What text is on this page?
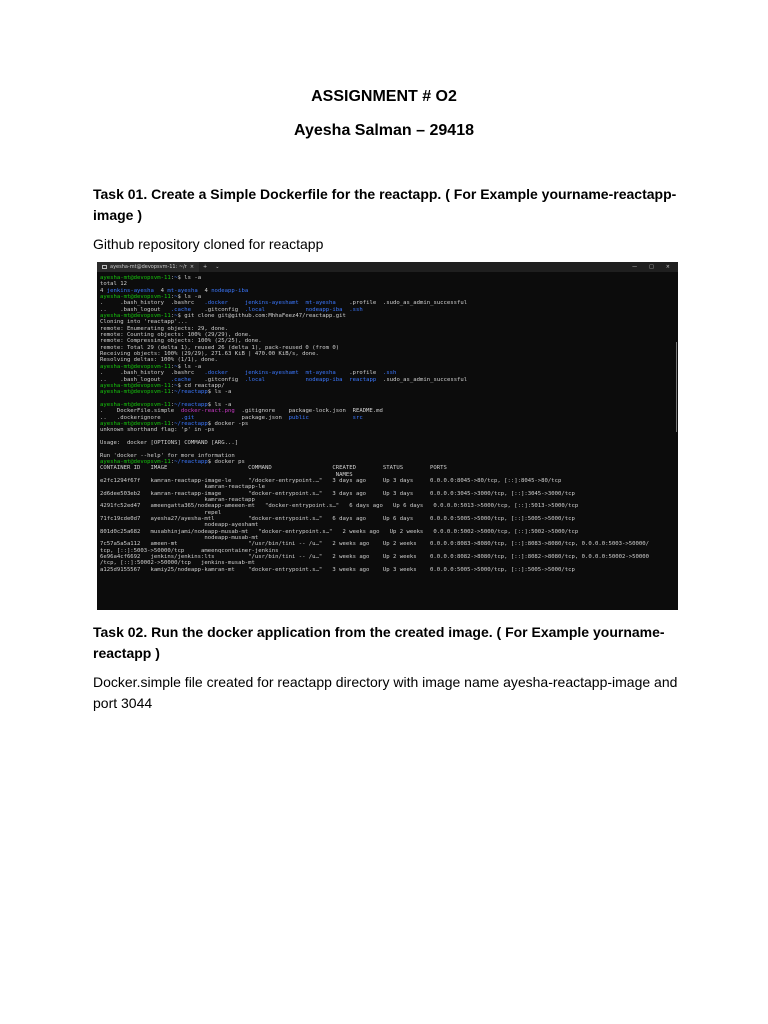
ASSIGNMENT # O2
Ayesha Salman – 29418
Task 01. Create a Simple Dockerfile for the reactapp. ( For Example yourname-reactapp-image )
Github repository cloned for reactapp
ayesha-mt@devopsvm-11: ~/r ×	+	⌄	— □ ×
ayesha-mt@devopsvm-11:~$ ls -a
total 12
4 jenkins-ayesha  4 mt-ayesha  4 nodeapp-iba
ayesha-mt@devopsvm-11:~$ ls -a
.     .bash_history  .bashrc   .docker	jenkins-ayeshamt mt-ayesha    .profile  .sudo_as_admin_successful
..    .bash_logout   .cache    .gitconfig  .local	nodeapp-iba .ssh
ayesha-mt@devopsvm-11:~$ git clone git@github.com:MhhaFeez47/reactapp.git
Cloning into 'reactapp'...
remote: Enumerating objects: 29, done.
remote: Counting objects: 100% (29/29), done.
remote: Compressing objects: 100% (25/25), done.
remote: Total 29 (delta 1), reused 26 (delta 1), pack-reused 0 (from 0)
Receiving objects: 100% (29/29), 271.63 KiB | 470.00 KiB/s, done.
Resolving deltas: 100% (1/1), done.
ayesha-mt@devopsvm-11:~$ ls -a
.     .bash_history  .bashrc   .docker	jenkins-ayeshamt mt-ayesha    .profile  .ssh
..    .bash_logout   .cache    .gitconfig  .local	nodeapp-iba reactapp  .sudo_as_admin_successful
ayesha-mt@devopsvm-11:~$ cd reactapp/
ayesha-mt@devopsvm-11:~/reactapp$ ls -a
ayesha-mt@devopsvm-11:~/reactapp$ ls -a
.    DockerFile.simple  docker-react.png  .gitignore    package-lock.json  README.md
..   .dockerignore      .git              package.json  public	src
ayesha-mt@devopsvm-11:~/reactapp$ docker -ps
unknown shorthand flag: 'p' in -ps
Usage:  docker [OPTIONS] COMMAND [ARG...]
Run 'docker --help' for more information
ayesha-mt@devopsvm-11:~/reactapp$ docker ps
CONTAINER ID   IMAGE                        COMMAND                  CREATED        STATUS        PORTS
NAMES
e2fc1294f67f   kamran-reactapp-image-le     "/docker-entrypoint.…"   3 days ago     Up 3 days     0.0.0.0:8045->80/tcp, [::]:8045->80/tcp
kamran-reactapp-le
2d6dee503eb2   kamran-reactapp-image        "docker-entrypoint.s…"   3 days ago     Up 3 days     0.0.0.0:3045->3000/tcp, [::]:3045->3000/tcp
kamran-reactapp
4291fc52ed47   ameengatta365/nodeapp-ameeen-mt   "docker-entrypoint.s…"   6 days ago   Up 6 days   0.0.0.0:5013->5000/tcp, [::]:5013->5000/tcp
repel
71fc19cde0d7   ayesha27/ayesha-mtl          "docker-entrypoint.s…"   6 days ago     Up 6 days     0.0.0.0:5005->5000/tcp, [::]:5005->5000/tcp
nodeapp-ayeshamt
801d0c25a682   musabhinjami/nodeapp-musab-mt   "docker-entrypoint.s…"   2 weeks ago   Up 2 weeks   0.0.0.0:5002->5000/tcp, [::]:5002->5000/tcp
nodeapp-musab-mt
7c57a5a5a112   ameen-mt                     "/usr/bin/tini -- /u…"   2 weeks ago    Up 2 weeks    0.0.0.0:8083->8080/tcp, [::]:8083->8080/tcp, 0.0.0.0:5003->50000/
tcp, [::]:5003->50000/tcp     ameenqcontainer-jenkins
6e96a4cf6692   jenkins/jenkins:lts          "/usr/bin/tini -- /u…"   2 weeks ago    Up 2 weeks    0.0.0.0:8082->8080/tcp, [::]:8082->8080/tcp, 0.0.0.0:50002->50000
/tcp, [::]:50002->50000/tcp   jenkins-musab-mt
a125d9155567   kamiy25/nodeapp-kamran-mt    "docker-entrypoint.s…"   3 weeks ago    Up 3 weeks    0.0.0.0:5005->5000/tcp, [::]:5005->5000/tcp
Task 02. Run the docker application from the created image. ( For Example yourname-reactapp )
Docker.simple file created for reactapp directory with image name ayesha-reactapp-image and port 3044
